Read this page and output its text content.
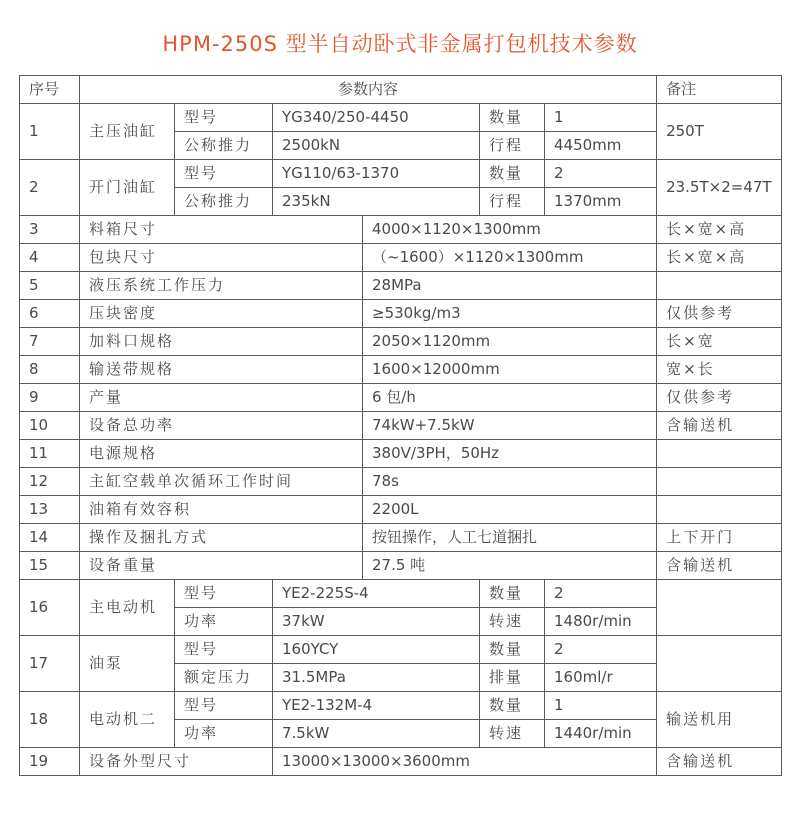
HPM-250S 型半自动卧式非金属打包机技术参数
序号	参数内容						备注
1	主压油缸	型号	YG340/250-4450		数量	1	250T
		公称推力	2500kN		行程	4450mm	
2	开门油缸	型号	YG110/63-1370		数量	2	23.5T×2=47T
		公称推力	235kN		行程	1370mm	
3	料箱尺寸			4000×1120×1300mm			长×宽×高
4	包块尺寸			（~1600）×1120×1300mm			长×宽×高
5	液压系统工作压力			28MPa			
6	压块密度			≥530kg/m3			仅供参考
7	加料口规格			2050×1120mm			长×宽
8	输送带规格			1600×12000mm			宽×长
9	产量			6 包/h			仅供参考
10	设备总功率			74kW+7.5kW			含输送机
11	电源规格			380V/3PH，50Hz			
12	主缸空载单次循环工作时间			78s			
13	油箱有效容积			2200L			
14	操作及捆扎方式			按钮操作，人工七道捆扎			上下开门
15	设备重量			27.5 吨			含输送机
16	主电动机	型号	YE2-225S-4		数量	2	
		功率	37kW		转速	1480r/min	
17	油泵	型号	160YCY		数量	2	
		额定压力	31.5MPa		排量	160ml/r	
18	电动机二	型号	YE2-132M-4		数量	1	输送机用
		功率	7.5kW		转速	1440r/min	
19	设备外型尺寸		13000×13000×3600mm				含输送机
